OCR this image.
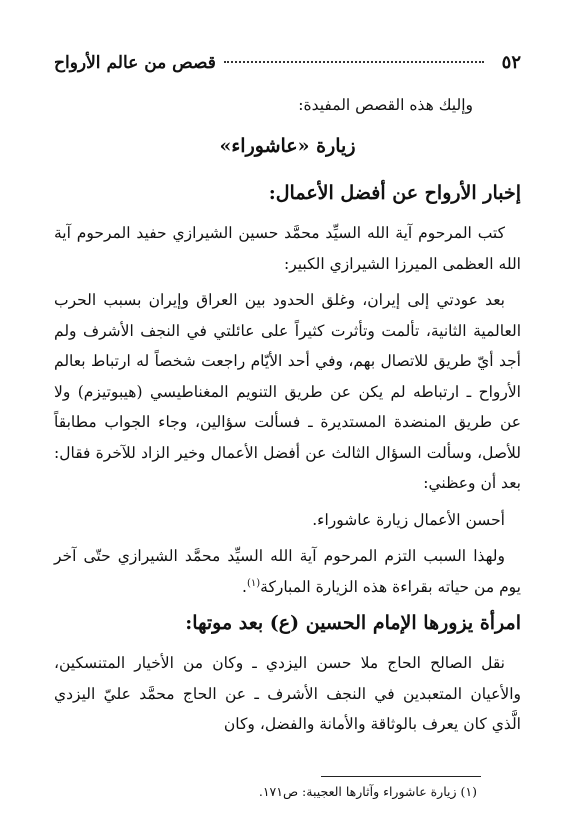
٥٢
قصص من عالم الأرواح

وإليك هذه القصص المفيدة:

زيارة «عاشوراء»
إخبار الأرواح عن أفضل الأعمال:

كتب المرحوم آية الله السيِّد محمَّد حسين الشيرازي حفيد المرحوم آية الله العظمى الميرزا الشيرازي الكبير:

بعد عودتي إلى إيران، وغلق الحدود بين العراق وإيران بسبب الحرب العالمية الثانية، تألمت وتأثرت كثيراً على عائلتي في النجف الأشرف ولم أجد أيّ طريق للاتصال بهم، وفي أحد الأيّام راجعت شخصاً له ارتباط بعالم الأرواح ـ ارتباطه لم يكن عن طريق التنويم المغناطيسي (هيبوتيزم) ولا عن طريق المنضدة المستديرة ـ فسألت سؤالين، وجاء الجواب مطابقاً للأصل، وسألت السؤال الثالث عن أفضل الأعمال وخير الزاد للآخرة فقال: بعد أن وعظني:

أحسن الأعمال زيارة عاشوراء.

ولهذا السبب التزم المرحوم آية الله السيِّد محمَّد الشيرازي حتّى آخر يوم من حياته بقراءة هذه الزيارة المباركة$^{(١)}$.

امرأة يزورها الإمام الحسين (ع) بعد موتها:

نقل الصالح الحاج ملا حسن اليزدي ـ وكان من الأخيار المتنسكين، والأعيان المتعبدين في النجف الأشرف ـ عن الحاج محمَّد عليّ اليزدي الَّذي كان يعرف بالوثاقة والأمانة والفضل، وكان

(١) زيارة عاشوراء وآثارها العجيبة: ص١٧١.
